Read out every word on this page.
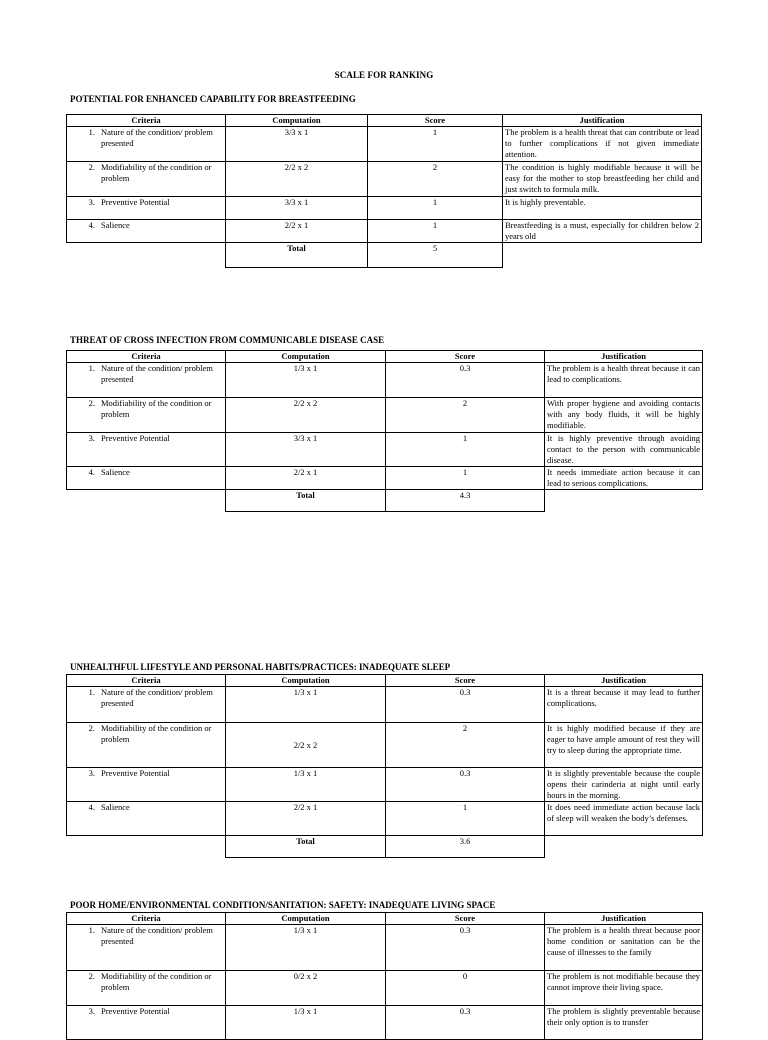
SCALE FOR RANKING
POTENTIAL FOR ENHANCED CAPABILITY FOR BREASTFEEDING
Criteria	Computation	Score	Justification

1. Nature of the condition/ problem presented	3/3 x 1	1	The problem is a health threat that can contribute or lead to further complications if not given immediate attention.

2. Modifiability of the condition or problem	2/2 x 2	2	The condition is highly modifiable because it will be easy for the mother to stop breastfeeding her child and just switch to formula milk.

3. Preventive Potential	3/3 x 1	1	It is highly preventable.

4. Salience	2/2 x 1	1	Breastfeeding is a must, especially for children below 2 years old
	Total	5	
THREAT OF CROSS INFECTION FROM COMMUNICABLE DISEASE CASE
Criteria	Computation	Score	Justification

1. Nature of the condition/ problem presented	1/3 x 1	0.3	The problem is a health threat because it can lead to complications.

2. Modifiability of the condition or problem	2/2 x 2	2	With proper hygiene and avoiding contacts with any body fluids, it will be highly modifiable.

3. Preventive Potential	3/3 x 1	1	It is highly preventive through avoiding contact to the person with communicable disease.

4. Salience	2/2 x 1	1	It needs immediate action because it can lead to serious complications.
	Total	4.3	
UNHEALTHFUL LIFESTYLE AND PERSONAL HABITS/PRACTICES: INADEQUATE SLEEP
Criteria	Computation	Score	Justification

1. Nature of the condition/ problem presented	1/3 x 1	0.3	It is a threat because it may lead to further complications.

2. Modifiability of the condition or problem	2/2 x 2	2	It is highly modified because if they are eager to have ample amount of rest they will try to sleep during the appropriate time.

3. Preventive Potential	1/3 x 1	0.3	It is slightly preventable because the couple opens their carinderia at night until early hours in the morning.

4. Salience	2/2 x 1	1	It does need immediate action because lack of sleep will weaken the body’s defenses.
	Total	3.6	
POOR HOME/ENVIRONMENTAL CONDITION/SANITATION: SAFETY: INADEQUATE LIVING SPACE
Criteria	Computation	Score	Justification

1. Nature of the condition/ problem presented	1/3 x 1	0.3	The problem is a health threat because poor home condition or sanitation can be the cause of illnesses to the family

2. Modifiability of the condition or problem	0/2 x 2	0	The problem is not modifiable because they cannot improve their living space.

3. Preventive Potential	1/3 x 1	0.3	The problem is slightly preventable because their only option is to transfer
